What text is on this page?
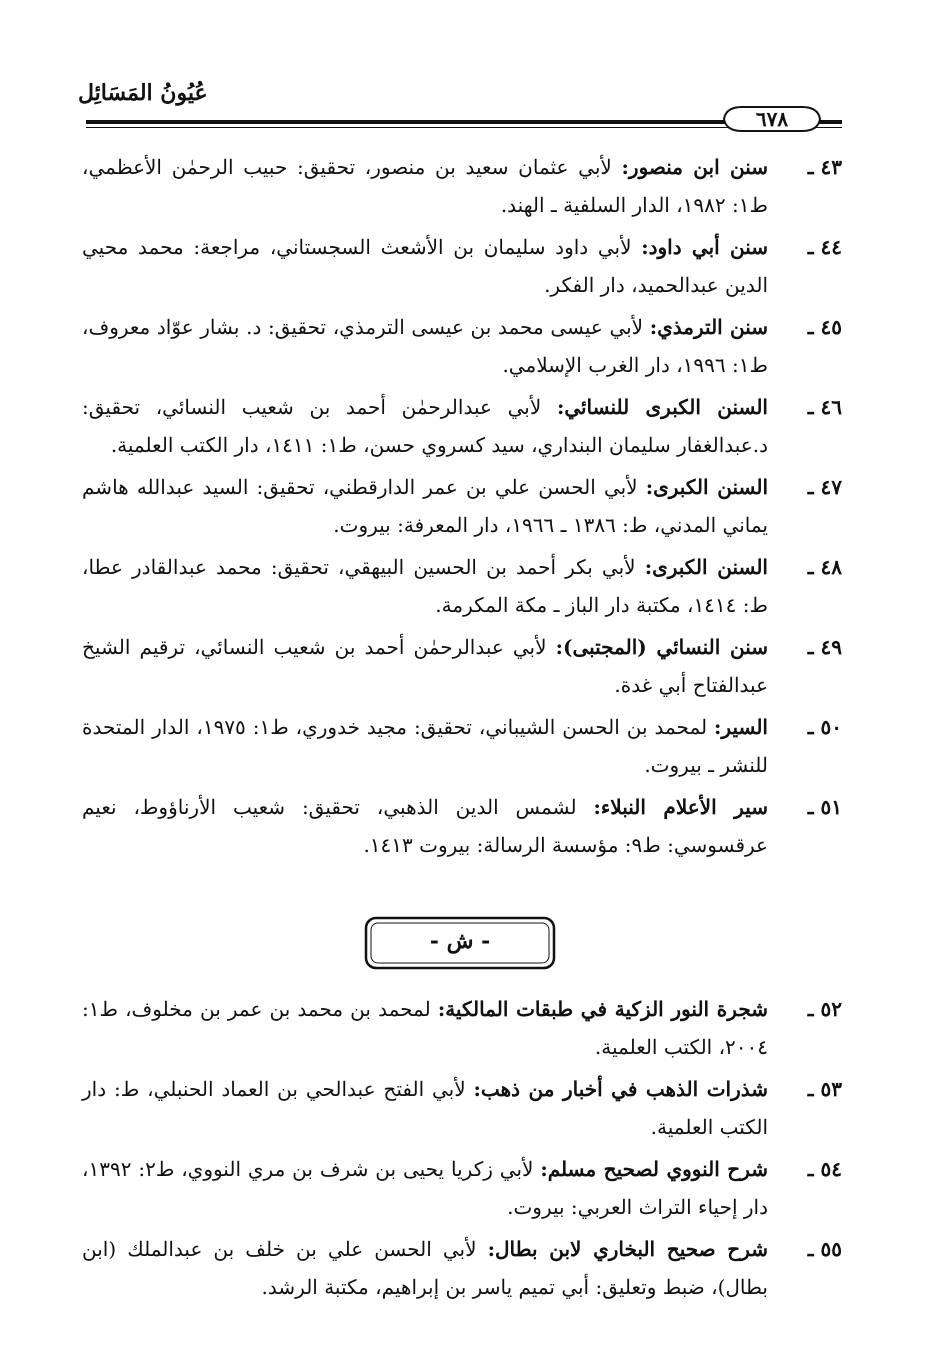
عُيُونُ المَسَائِل
٦٧٨
٤٣ ـ
سنن ابن منصور: لأبي عثمان سعيد بن منصور، تحقيق: حبيب الرحمٰن الأعظمي، ط١: ١٩٨٢، الدار السلفية ـ الهند.
٤٤ ـ
سنن أبي داود: لأبي داود سليمان بن الأشعث السجستاني، مراجعة: محمد محيي الدين عبدالحميد، دار الفكر.
٤٥ ـ
سنن الترمذي: لأبي عيسى محمد بن عيسى الترمذي، تحقيق: د. بشار عوّاد معروف، ط١: ١٩٩٦، دار الغرب الإسلامي.
٤٦ ـ
السنن الكبرى للنسائي: لأبي عبدالرحمٰن أحمد بن شعيب النسائي، تحقيق: د.عبدالغفار سليمان البنداري، سيد كسروي حسن، ط١: ١٤١١، دار الكتب العلمية.
٤٧ ـ
السنن الكبرى: لأبي الحسن علي بن عمر الدارقطني، تحقيق: السيد عبدالله هاشم يماني المدني، ط: ١٣٨٦ ـ ١٩٦٦، دار المعرفة: بيروت.
٤٨ ـ
السنن الكبرى: لأبي بكر أحمد بن الحسين البيهقي، تحقيق: محمد عبدالقادر عطا، ط: ١٤١٤، مكتبة دار الباز ـ مكة المكرمة.
٤٩ ـ
سنن النسائي (المجتبى): لأبي عبدالرحمٰن أحمد بن شعيب النسائي، ترقيم الشيخ عبدالفتاح أبي غدة.
٥٠ ـ
السير: لمحمد بن الحسن الشيباني، تحقيق: مجيد خدوري، ط١: ١٩٧٥، الدار المتحدة للنشر ـ بيروت.
٥١ ـ
سير الأعلام النبلاء: لشمس الدين الذهبي، تحقيق: شعيب الأرناؤوط، نعيم عرقسوسي: ط٩: مؤسسة الرسالة: بيروت ١٤١٣.
- ش -
٥٢ ـ
شجرة النور الزكية في طبقات المالكية: لمحمد بن محمد بن عمر بن مخلوف، ط١: ٢٠٠٤، الكتب العلمية.
٥٣ ـ
شذرات الذهب في أخبار من ذهب: لأبي الفتح عبدالحي بن العماد الحنبلي، ط: دار الكتب العلمية.
٥٤ ـ
شرح النووي لصحيح مسلم: لأبي زكريا يحيى بن شرف بن مري النووي، ط٢: ١٣٩٢، دار إحياء التراث العربي: بيروت.
٥٥ ـ
شرح صحيح البخاري لابن بطال: لأبي الحسن علي بن خلف بن عبدالملك (ابن بطال)، ضبط وتعليق: أبي تميم ياسر بن إبراهيم، مكتبة الرشد.
